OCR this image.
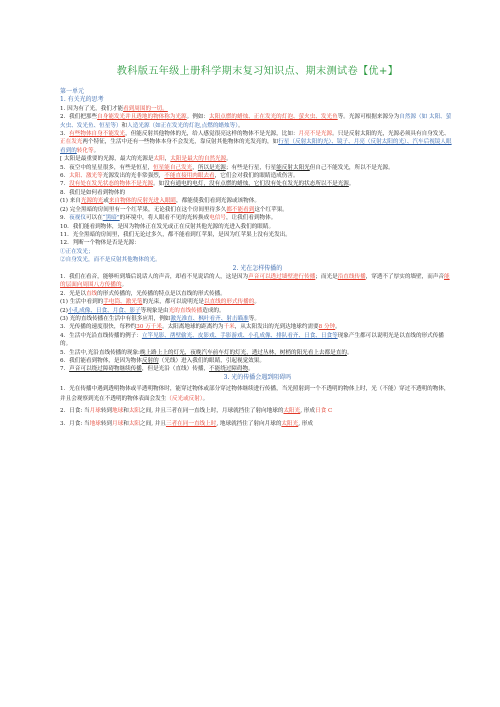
教科版五年级上册科学期末复习知识点、期末测试卷【优+】
第一单元
1. 有关光的思考

1. 因为有了光，我们才能看到周围的一切。

2．我们把那些自身能发光并且透地的物体称为光源。例如：太阳点燃的蜡烛、正在发光的灯泡、萤火虫、发光鱼等。光源可根据来源分为自然源（如 太阳、萤火虫、发光鱼、恒星等）和人造光源（如正在发光的灯泡,点燃的蜡烛等）。

3．有些物体自身不能发光，但能反射其他物体的光，给人感觉很亮这样的物体不是光源，比如：月亮不是光源。只是反射太阳的光，光源必须具有自身发光、正在发光两个特征，生活中还有一些物体本身不会发光，靠反射其他物体的光发亮的，如行星（反射太阳的光）、镜子、月亮（反射太阳的光）、汽车后视镜人眼看到的转化等。

[ 太阳是最重要的光源，最大的光源是太阳，太阳是最大的自然光源。

5．夜空中的星星很多，有些是恒星，恒星能自己发光，所以是光源；有些是行星，行星能反射太阳光但自己不能发光，所以不是光源。

6．太阳、激光等光源发出的光非常强烈，不能直接用肉眼去看，它们会对我们的眼睛造成伤害。

7．没有处在发光状态的物体不是光源。如没有通电的电灯，没有点燃的蜡烛，它们没有处在发光的状态所以不是光源。

8．我们是如何看到物体的

(1) 来自光源的光或来自物体的反射光进入眼睛，都能使我们看到光源或该物体。

(2) 完全黑暗的房间里有一个红苹果，无论我们在这个房间里待多久都不能看到这个红苹果。

9．夜视仪可以在“黑暗”的环境中，将人眼看不见的光转换成电信号，让我们看到物体。

10．我们能看到物体，是因为物体正在发光或正在反射其他光源的光进入我们的眼睛。

11．光全黑暗的房间里，我们无论过多久，都不能看到红苹果，是因为红苹果上没有光发出。

12．判断一个物体是否是光源：

①正在发光；

②自身发光，而不是反射其他物体的光。

2. 光在怎样传播的

1．我们在看音，能够听到墙后说话人的声音，却看不见说话的人，这是因为声音可以透过墙壁进行传播；而光是沿直线传播，穿透不了厚实的墙壁，而声音能的层面向周围八方传播的。

2．光是以直线的形式传播的，光传播的特点是以直线的形式传播。

(1) 生活中看到的手电筒、激光笔的光束，都可以说明光是以直线的形式传播的。

(2)小孔成像、日食、月食、影子等现象是由光的直线传播造成的。

(3) 光的直线传播在生活中有很多应用，例如激光准直、枫叶看齐、射击瞄准等。

3．光传播的速度很快，每秒约30 万千米。太阳离地球的距离约为千米，从太阳发出的光到达地球约需要8 分钟。

4．生活中光沿直线传播的例子：立竿见影、凿壁偷光、皮影戏、手影游戏、小孔成像、排队看齐、日食、日食等现象产生都可以说明光是以直线的形式传播的。

5．生活中,光沿直线传播的现象:晚上路上上的灯光，夜晚汽车前车灯的灯光，透过丛林，树梢的阳光看上去都是直的。

6．我们能看到物体，是因为物体反射的（光线）进入我们的眼睛，引起视觉效果。

7．声音可以绕过障碍物继续传播，但是光沿（直线）传播，不能绕过障碍物。

3. 光的传播会遇到阻碍吗

1．光在传播中遇到透明物体或半透明物体时，能穿过物体或部分穿过物体继续进行传播，当光照射到一个不透明的物体上时，光（不能）穿过不透明的物体，并且会观察到光在不透明的物体表面会发生（反光或反射）。

2．日食: 当月球转到地球和太阳之间, 并且三者在同一直线上时，月球就挡住了射向地球的太阳光, 形成日食 C

3．月食: 当地球转到月球和太阳之间, 并且三者在同一直线上时, 地球就挡住了射向月球的太阳光, 形成
